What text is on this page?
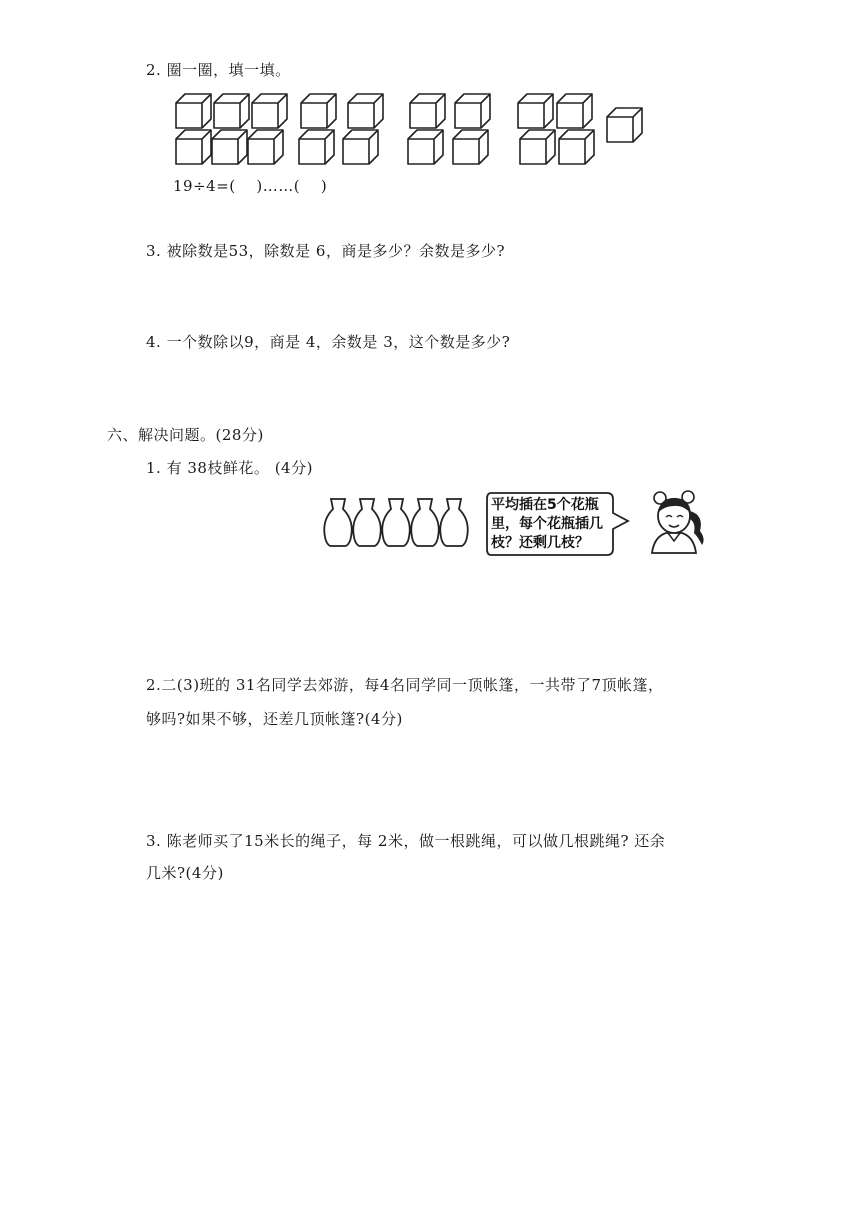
2. 圈一圈，填一填。
19÷4=(　 )……(　 )
3. 被除数是53，除数是 6，商是多少？余数是多少?
4. 一个数除以9，商是 4，余数是 3，这个数是多少?
六、解决问题。(28分)
1. 有 38枝鲜花。 (4分)
平均插在5个花瓶里，每个花瓶插几枝？还剩几枝？
2.二(3)班的 31名同学去郊游，每4名同学同一顶帐篷，一共带了7顶帐篷，
够吗?如果不够，还差几顶帐篷?(4分)
3. 陈老师买了15米长的绳子，每 2米，做一根跳绳，可以做几根跳绳? 还余
几米?(4分)
